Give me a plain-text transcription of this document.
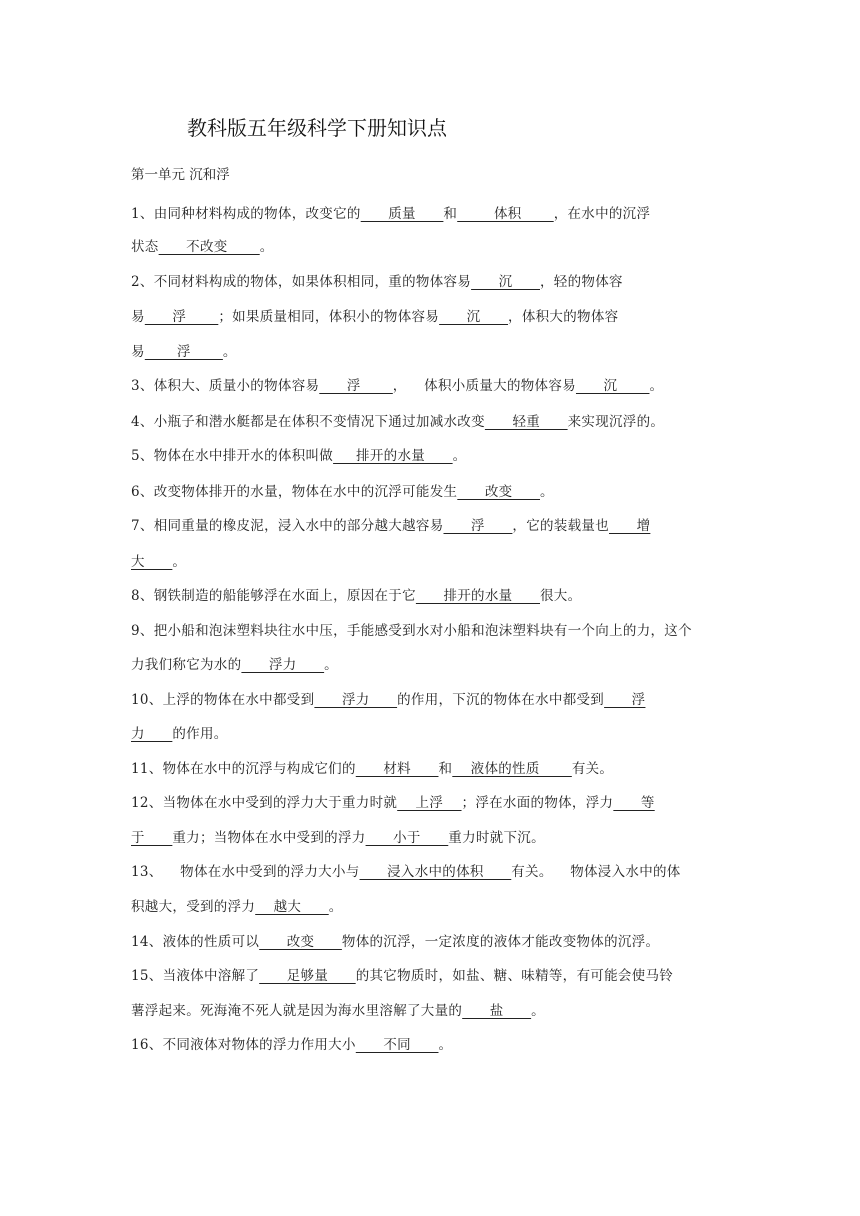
教科版五年级科学下册知识点
第一单元 沉和浮
1、由同种材料构成的物体，改变它的      质量      和        体积       ，在水中的沉浮
状态      不改变       。
2、不同材料构成的物体，如果体积相同，重的物体容易      沉      ，轻的物体容
易      浮       ；如果质量相同，体积小的物体容易      沉      ，体积大的物体容
易       浮       。
3、体积大、质量小的物体容易      浮       ， 体积小质量大的物体容易      沉       。
4、小瓶子和潜水艇都是在体积不变情况下通过加减水改变      轻重      来实现沉浮的。
5、物体在水中排开水的体积叫做     排开的水量      。
6、改变物体排开的水量，物体在水中的沉浮可能发生      改变      。
7、相同重量的橡皮泥，浸入水中的部分越大越容易      浮      ，它的装载量也      增
大      。
8、钢铁制造的船能够浮在水面上，原因在于它      排开的水量      很大。
9、把小船和泡沫塑料块往水中压，手能感受到水对小船和泡沫塑料块有一个向上的力，这个
力我们称它为水的      浮力      。
10、上浮的物体在水中都受到      浮力      的作用，下沉的物体在水中都受到      浮
力      的作用。
11、物体在水中的沉浮与构成它们的      材料      和    液体的性质       有关。
12、当物体在水中受到的浮力大于重力时就    上浮    ；浮在水面的物体，浮力      等
于      重力；当物体在水中受到的浮力      小于      重力时就下沉。
13、 物体在水中受到的浮力大小与      浸入水中的体积      有关。 物体浸入水中的体
积越大，受到的浮力    越大      。
14、液体的性质可以      改变      物体的沉浮，一定浓度的液体才能改变物体的沉浮。
15、当液体中溶解了      足够量      的其它物质时，如盐、糖、味精等，有可能会使马铃
薯浮起来。死海淹不死人就是因为海水里溶解了大量的      盐      。
16、不同液体对物体的浮力作用大小      不同      。
